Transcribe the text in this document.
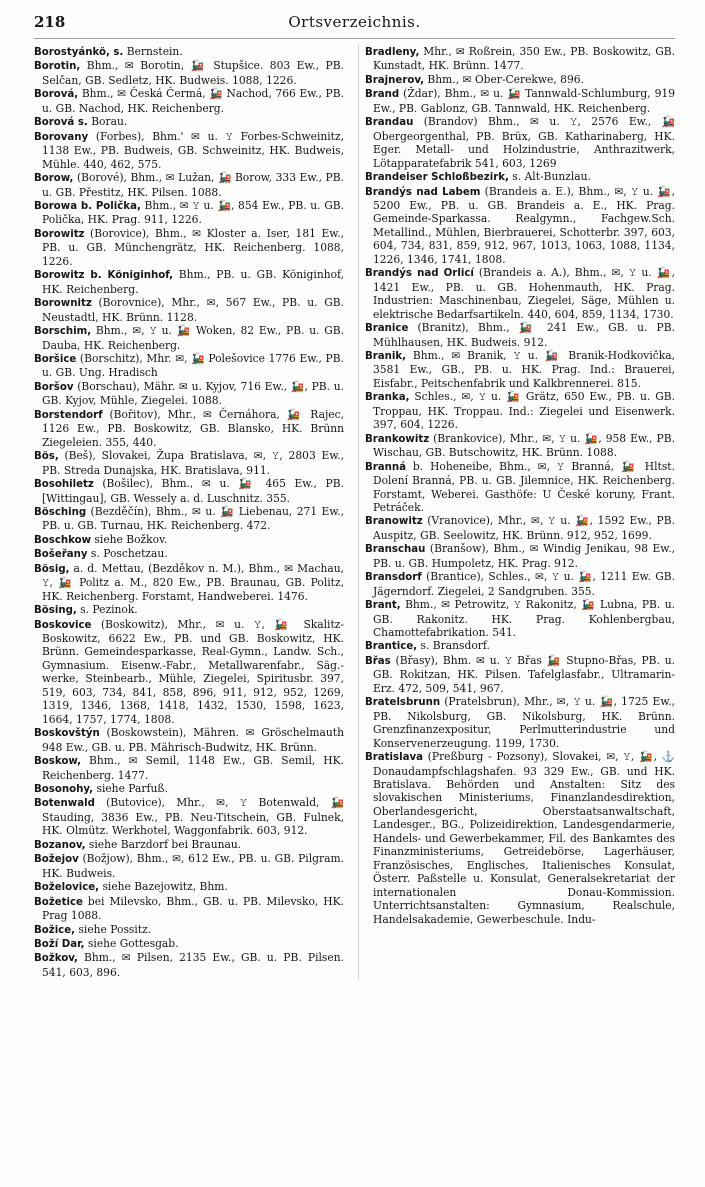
218	Ortsverzeichnis.

Borostyánkö, s. Bernstein.

Borotin, Bhm., ✉ Borotin, 🚂 Stupšice. 803 Ew., PB. Selčan, GB. Sedletz, HK. Budweis. 1088, 1226.

Borová, Bhm., ✉ Česká Čermá, 🚂 Nachod, 766 Ew., PB. u. GB. Nachod, HK. Reichenberg.

Borová s. Borau.

Borovany (Forbes), Bhm.' ✉ u. 𝚈 Forbes-Schweinitz, 1138 Ew., PB. Budweis, GB. Schweinitz, HK. Budweis, Mühle. 440, 462, 575.

Borow, (Borové), Bhm., ✉ Lužan, 🚂 Borow, 333 Ew., PB. u. GB. Přestitz, HK. Pilsen. 1088.

Borowa b. Polička, Bhm., ✉ 𝚈 u. 🚂, 854 Ew., PB. u. GB. Polička, HK. Prag. 911, 1226.

Borowitz (Borovice), Bhm., ✉ Kloster a. Iser, 181 Ew., PB. u. GB. Münchengrätz, HK. Reichenberg. 1088, 1226.

Borowitz b. Königinhof, Bhm., PB. u. GB. Königinhof, HK. Reichenberg.

Borownitz (Borovnice), Mhr., ✉, 567 Ew., PB. u. GB. Neustadtl, HK. Brünn. 1128.

Borschim, Bhm., ✉, 𝚈 u. 🚂 Woken, 82 Ew., PB. u. GB. Dauba, HK. Reichenberg.

Boršice (Borschitz), Mhr. ✉, 🚂 Polešovice 1776 Ew., PB. u. GB. Ung. Hradisch

Boršov (Borschau), Mähr. ✉ u. Kyjov, 716 Ew., 🚂, PB. u. GB. Kyjov, Mühle, Ziegelei. 1088.

Borstendorf (Bořitov), Mhr., ✉ Černáhora, 🚂 Rajec, 1126 Ew., PB. Boskowitz, GB. Blansko, HK. Brünn Ziegeleien. 355, 440.

Bös, (Beš), Slovakei, Župa Bratislava, ✉, 𝚈, 2803 Ew., PB. Streda Dunajska, HK. Bratislava, 911.

Bosohiletz (Bošilec), Bhm., ✉ u. 🚂 465 Ew., PB. [Wittingau], GB. Wessely a. d. Luschnitz. 355.

Bösching (Bezděčín), Bhm., ✉ u. 🚂 Liebenau, 271 Ew., PB. u. GB. Turnau, HK. Reichenberg. 472.

Boschkow siehe Božkov.

Bošeřany s. Poschetzau.

Bösig, a. d. Mettau, (Bezděkov n. M.), Bhm., ✉ Machau, 𝚈, 🚂 Politz a. M., 820 Ew., PB. Braunau, GB. Politz, HK. Reichenberg. Forstamt, Handweberei. 1476.

Bösing, s. Pezinok.

Boskovice (Boskowitz), Mhr., ✉ u. 𝚈, 🚂 Skalitz-Boskowitz, 6622 Ew., PB. und GB. Boskowitz, HK. Brünn. Gemeindesparkasse, Real-Gymn., Landw. Sch., Gymnasium. Eisenw.-Fabr., Metallwarenfabr., Säg.-werke, Steinbearb., Mühle, Ziegelei, Spiritusbr. 397, 519, 603, 734, 841, 858, 896, 911, 912, 952, 1269, 1319, 1346, 1368, 1418, 1432, 1530, 1598, 1623, 1664, 1757, 1774, 1808.

Boskovštýn (Boskowstein), Mähren. ✉ Gröschelmauth 948 Ew., GB. u. PB. Mährisch-Budwitz, HK. Brünn.

Boskow, Bhm., ✉ Semil, 1148 Ew., GB. Semil, HK. Reichenberg. 1477.

Bosonohy, siehe Parfuß.

Botenwald (Butovice), Mhr., ✉, 𝚈 Botenwald, 🚂 Stauding, 3836 Ew., PB. Neu-Titschein, GB. Fulnek, HK. Olmütz. Werkhotel, Waggonfabrik. 603, 912.

Bozanov, siehe Barzdorf bei Braunau.

Božejov (Božjow), Bhm., ✉, 612 Ew., PB. u. GB. Pilgram. HK. Budweis.

Boželovice, siehe Bazejowitz, Bhm.

Božetice bei Milevsko, Bhm., GB. u. PB. Milevsko, HK. Prag 1088.

Božice, siehe Possitz.

Boží Dar, siehe Gottesgab.

Božkov, Bhm., ✉ Pilsen, 2135 Ew., GB. u. PB. Pilsen. 541, 603, 896.

Bradleny, Mhr., ✉ Roßrein, 350 Ew., PB. Boskowitz, GB. Kunstadt, HK. Brünn. 1477.

Brajnerov, Bhm., ✉ Ober-Cerekwe, 896.

Brand (Ždar), Bhm., ✉ u. 🚂 Tannwald-Schlumburg, 919 Ew., PB. Gablonz, GB. Tannwald, HK. Reichenberg.

Brandau (Brandov) Bhm., ✉ u. 𝚈, 2576 Ew., 🚂 Obergeorgenthal, PB. Brüx, GB. Katharinaberg, HK. Eger. Metall- und Holzindustrie, Anthrazitwerk, Lötapparatefabrik 541, 603, 1269

Brandeiser Schloßbezirk, s. Alt-Bunzlau.

Brandýs nad Labem (Brandeis a. E.), Bhm., ✉, 𝚈 u. 🚂, 5200 Ew., PB. u. GB. Brandeis a. E., HK. Prag. Gemeinde-Sparkassa. Realgymn., Fachgew.Sch. Metallind., Mühlen, Bierbrauerei, Schotterbr. 397, 603, 604, 734, 831, 859, 912, 967, 1013, 1063, 1088, 1134, 1226, 1346, 1741, 1808.

Brandýs nad Orlicí (Brandeis a. A.), Bhm., ✉, 𝚈 u. 🚂, 1421 Ew., PB. u. GB. Hohenmauth, HK. Prag. Industrien: Maschinenbau, Ziegelei, Säge, Mühlen u. elektrische Bedarfsartikeln. 440, 604, 859, 1134, 1730.

Branice (Branitz), Bhm., 🚂 241 Ew., GB. u. PB. Mühlhausen, HK. Budweis. 912.

Branik, Bhm., ✉ Branik, 𝚈 u. 🚂 Branik-Hodkovička, 3581 Ew., GB., PB. u. HK. Prag. Ind.: Brauerei, Eisfabr., Peitschenfabrik und Kalkbrennerei. 815.

Branka, Schles., ✉, 𝚈 u. 🚂 Grätz, 650 Ew., PB. u. GB. Troppau, HK. Troppau. Ind.: Ziegelei und Eisenwerk. 397, 604, 1226.

Brankowitz (Brankovice), Mhr., ✉, 𝚈 u. 🚂, 958 Ew., PB. Wischau, GB. Butschowitz, HK. Brünn. 1088.

Branná b. Hoheneibe, Bhm., ✉, 𝚈 Branná, 🚂 Hltst. Dolení Branná, PB. u. GB. Jilemnice, HK. Reichenberg. Forstamt, Weberei. Gasthöfe: U České koruny, Frant. Petráček.

Branowitz (Vranovice), Mhr., ✉, 𝚈 u. 🚂, 1592 Ew., PB. Auspitz, GB. Seelowitz, HK. Brünn. 912, 952, 1699.

Branschau (Branšow), Bhm., ✉ Windig Jenikau, 98 Ew., PB. u. GB. Humpoletz, HK. Prag. 912.

Bransdorf (Brantice), Schles., ✉, 𝚈 u. 🚂, 1211 Ew. GB. Jägerndorf. Ziegelei, 2 Sandgruben. 355.

Brant, Bhm., ✉ Petrowitz, 𝚈 Rakonitz, 🚂 Lubna, PB. u. GB. Rakonitz. HK. Prag. Kohlenbergbau, Chamottefabrikation. 541.

Brantice, s. Bransdorf.

Břas (Břasy), Bhm. ✉ u. 𝚈 Břas 🚂 Stupno-Břas, PB. u. GB. Rokitzan, HK. Pilsen. Tafelglasfabr., Ultramarin-Erz. 472, 509, 541, 967.

Bratelsbrunn (Pratelsbrun), Mhr., ✉, 𝚈 u. 🚂, 1725 Ew., PB. Nikolsburg, GB. Nikolsburg, HK. Brünn. Grenzfinanzexpositur, Perlmutterindustrie und Konservenerzeugung. 1199, 1730.

Bratislava (Preßburg - Pozsony), Slovakei, ✉, 𝚈, 🚂, ⚓ Donaudampfschlagshafen. 93 329 Ew., GB. und HK. Bratislava. Behörden und Anstalten: Sitz des slovakischen Ministeriums, Finanzlandesdirektion, Oberlandesgericht, Oberstaatsanwaltschaft, Landesger., BG., Polizeidirektion, Landesgendarmerie, Handels- und Gewerbekammer, Fil. des Bankamtes des Finanzministeriums, Getreidebörse, Lagerhäuser, Französisches, Englisches, Italienisches Konsulat, Österr. Paßstelle u. Konsulat, Generalsekretariat der internationalen Donau-Kommission. Unterrichtsanstalten: Gymnasium, Realschule, Handelsakademie, Gewerbeschule. Indu-
